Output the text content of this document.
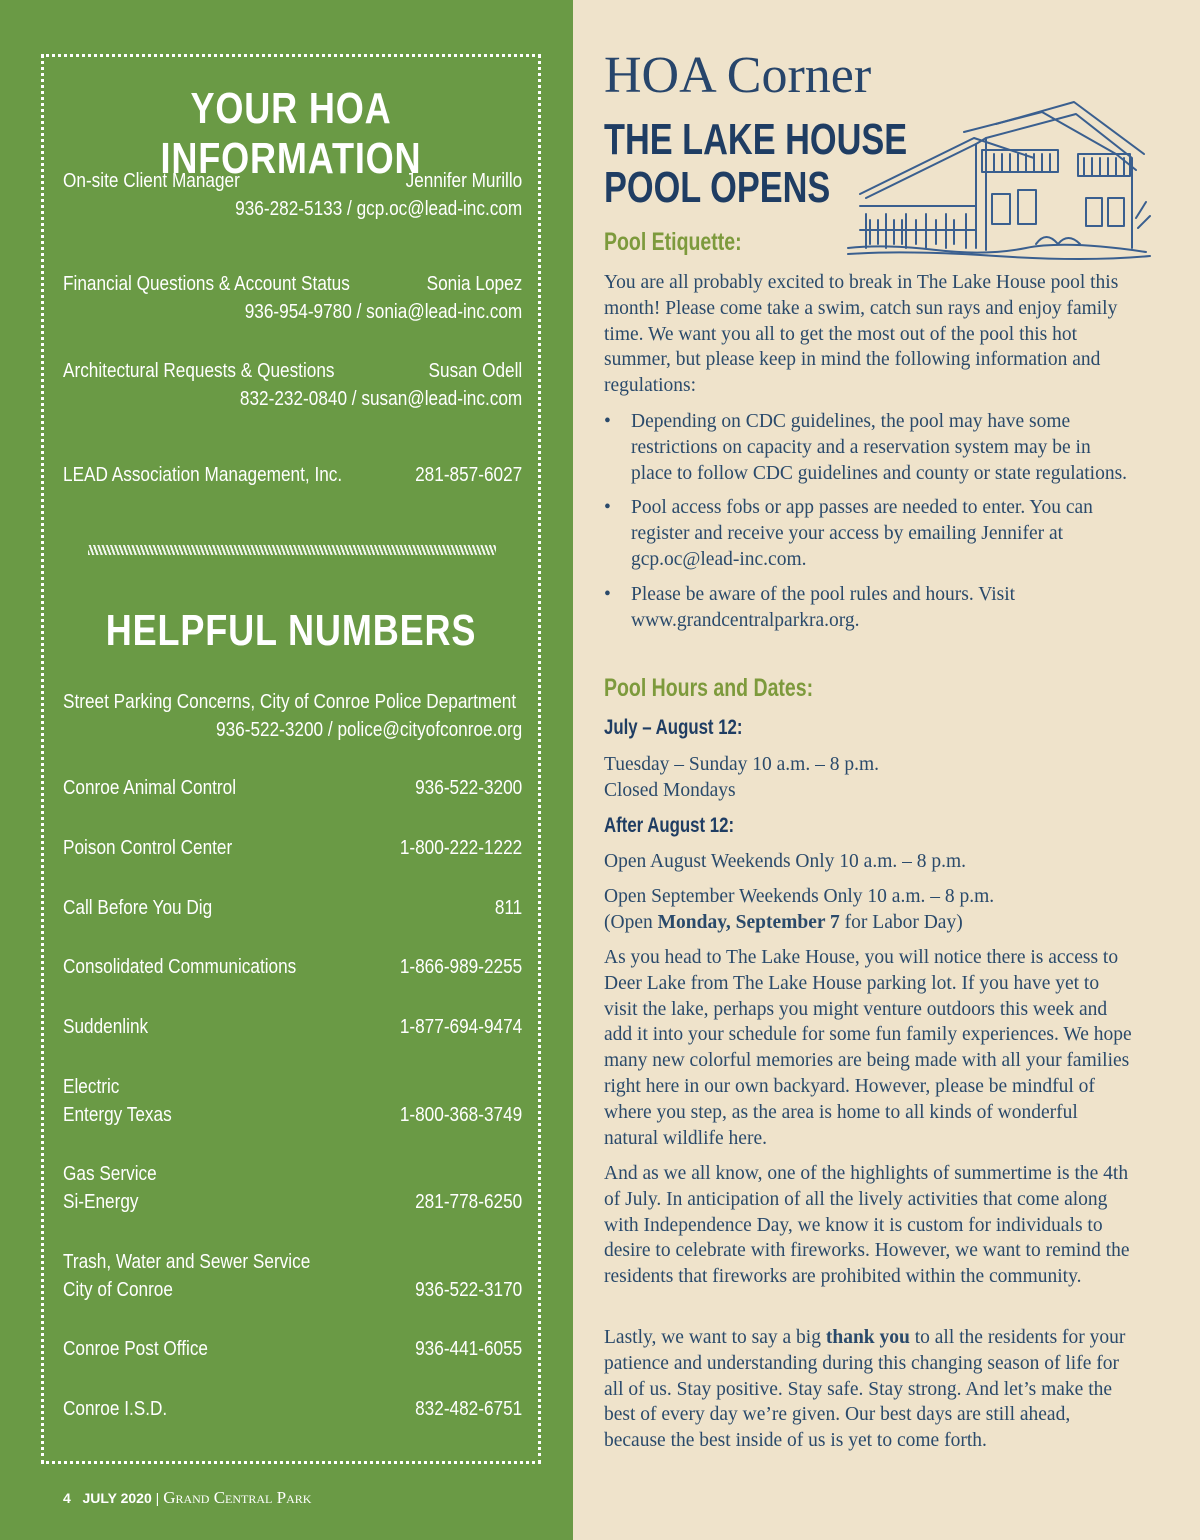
YOUR HOA INFORMATION
On-site Client Manager	Jennifer Murillo
936-282-5133 / gcp.oc@lead-inc.com
Financial Questions & Account Status	Sonia Lopez
936-954-9780 / sonia@lead-inc.com
Architectural Requests & Questions	Susan Odell
832-232-0840 / susan@lead-inc.com
LEAD Association Management, Inc.	281-857-6027
HELPFUL NUMBERS
Street Parking Concerns, City of Conroe Police Department
936-522-3200 / police@cityofconroe.org
Conroe Animal Control	936-522-3200
Poison Control Center	1-800-222-1222
Call Before You Dig	811
Consolidated Communications	1-866-989-2255
Suddenlink	1-877-694-9474
Electric
Entergy Texas	1-800-368-3749
Gas Service
Si-Energy	281-778-6250
Trash, Water and Sewer Service
City of Conroe	936-522-3170
Conroe Post Office	936-441-6055
Conroe I.S.D.	832-482-6751
4 JULY 2020 | Grand Central Park
HOA Corner
THE LAKE HOUSE
POOL OPENS
Pool Etiquette:
You are all probably excited to break in The Lake House pool this month! Please come take a swim, catch sun rays and enjoy family time. We want you all to get the most out of the pool this hot summer, but please keep in mind the following information and regulations:
• Depending on CDC guidelines, the pool may have some restrictions on capacity and a reservation system may be in place to follow CDC guidelines and county or state regulations.
• Pool access fobs or app passes are needed to enter. You can register and receive your access by emailing Jennifer at gcp.oc@lead-inc.com.
• Please be aware of the pool rules and hours. Visit www.grandcentralparkra.org.
Pool Hours and Dates:
July – August 12:
Tuesday – Sunday 10 a.m. – 8 p.m.
Closed Mondays
After August 12:
Open August Weekends Only 10 a.m. – 8 p.m.
Open September Weekends Only 10 a.m. – 8 p.m.
(Open Monday, September 7 for Labor Day)
As you head to The Lake House, you will notice there is access to Deer Lake from The Lake House parking lot. If you have yet to visit the lake, perhaps you might venture outdoors this week and add it into your schedule for some fun family experiences. We hope many new colorful memories are being made with all your families right here in our own backyard. However, please be mindful of where you step, as the area is home to all kinds of wonderful natural wildlife here.
And as we all know, one of the highlights of summertime is the 4th of July. In anticipation of all the lively activities that come along with Independence Day, we know it is custom for individuals to desire to celebrate with fireworks. However, we want to remind the residents that fireworks are prohibited within the community.
Lastly, we want to say a big thank you to all the residents for your patience and understanding during this changing season of life for all of us. Stay positive. Stay safe. Stay strong. And let’s make the best of every day we’re given. Our best days are still ahead, because the best inside of us is yet to come forth.
